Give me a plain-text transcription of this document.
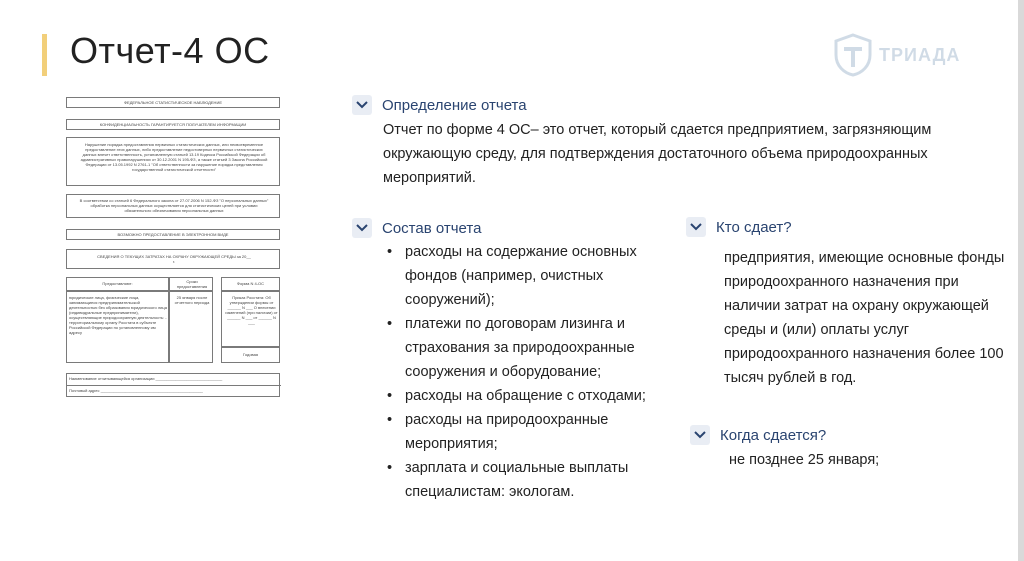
Отчет-4 ОС	ТРИАДА
ФЕДЕРАЛЬНОЕ СТАТИСТИЧЕСКОЕ НАБЛЮДЕНИЕ
КОНФИДЕНЦИАЛЬНОСТЬ ГАРАНТИРУЕТСЯ ПОЛУЧАТЕЛЕМ ИНФОРМАЦИИ
Нарушение порядка предоставления первичных статистических данных, или несвоевременное предоставление этих данных, либо предоставление недостоверных первичных статистических данных влечет ответственность, установленную статьей 13.19 Кодекса Российской Федерации об административных правонарушениях от 30.12.2001 N 195-ФЗ, а также статьей 3 Закона Российской Федерации от 13.05.1992 N 2761-1 "Об ответственности за нарушение порядка представления государственной статистической отчетности"
В соответствии со статьей 6 Федерального закона от 27.07.2006 N 152-ФЗ "О персональных данных" обработка персональных данных осуществляется для статистических целей при условии обязательного обезличивания персональных данных
ВОЗМОЖНО ПРЕДОСТАВЛЕНИЕ В ЭЛЕКТРОННОМ ВИДЕ
СВЕДЕНИЯ О ТЕКУЩИХ ЗАТРАТАХ НА ОХРАНУ ОКРУЖАЮЩЕЙ СРЕДЫ за 20__ г.
Предоставляют:	Сроки предоставления
Форма N 4-ОС
юридические лица, физические лица, занимающиеся предпринимательской деятельностью без образования юридического лица (индивидуальные предприниматели), осуществляющие природоохранную деятельность: - территориальному органу Росстата в субъекте Российской Федерации по установленному им адресу
25 января после отчетного периода
Приказ Росстата: Об утверждении формы от ______ N ___ О внесении изменений (при наличии) от ______ N ___ от ______ N ___
Годовая
Наименование отчитывающейся организации ______________________________
Почтовый адрес ______________________________________________
Определение отчета
Отчет по форме 4 ОС– это отчет, который сдается предприятием, загрязняющим окружающую среду, для подтверждения достаточного объема природоохранных мероприятий.
Состав отчета
• расходы на содержание основных фондов (например, очистных сооружений);
• платежи по договорам лизинга и страхования за природоохранные сооружения и оборудование;
• расходы на обращение с отходами;
• расходы на природоохранные мероприятия;
• зарплата и социальные выплаты специалистам: экологам.
Кто сдает?
предприятия, имеющие основные фонды природоохранного назначения при наличии затрат на охрану окружающей среды и (или) оплаты услуг природоохранного назначения более 100 тысяч рублей в год.
Когда сдается?
не позднее 25 января;
